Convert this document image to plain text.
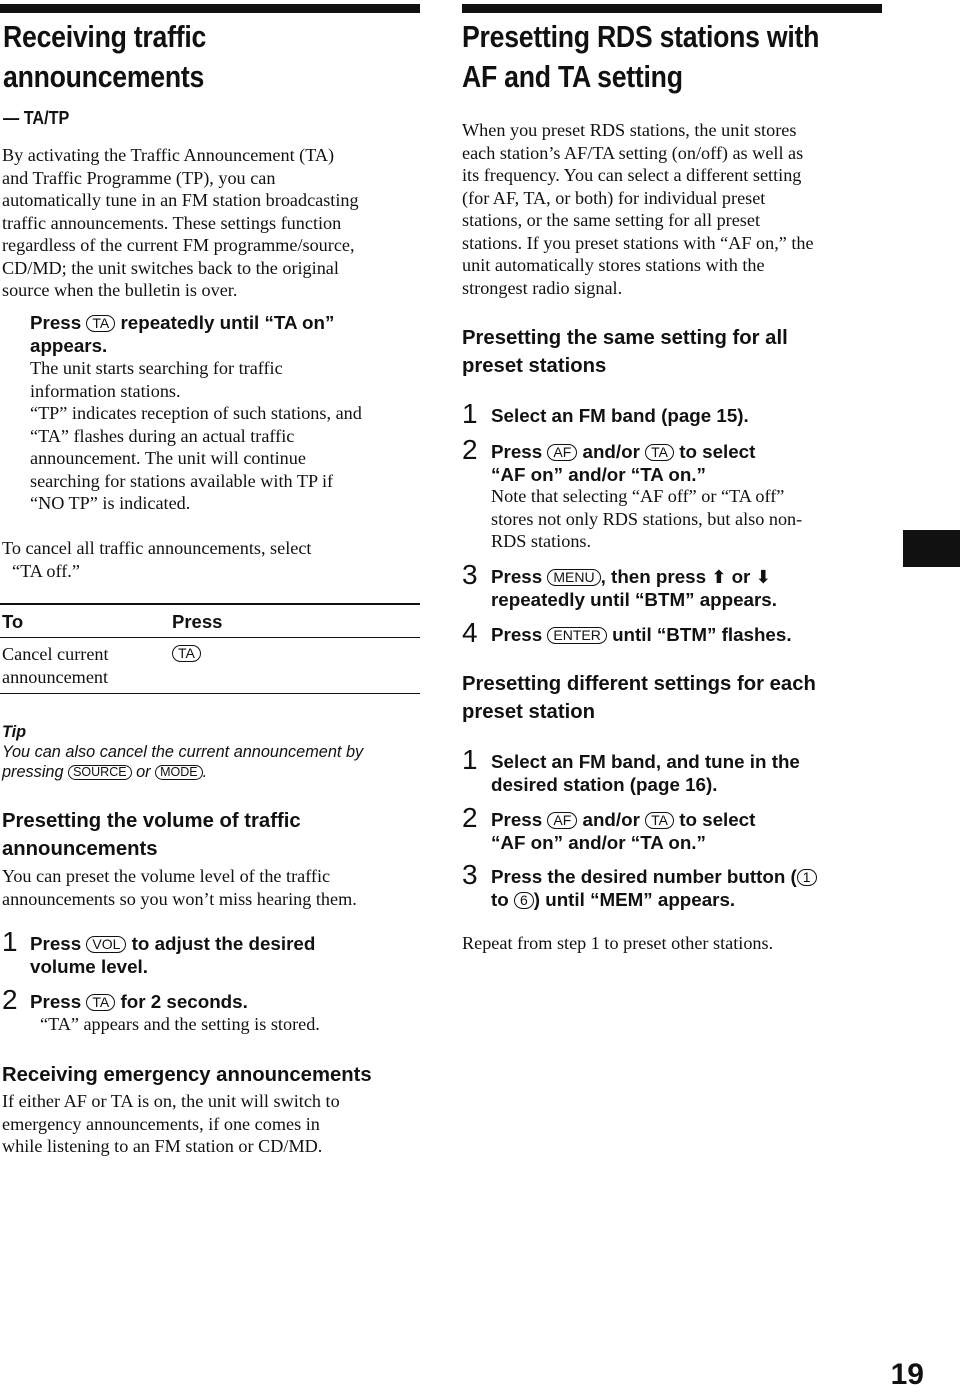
Receiving traffic
announcements
— TA/TP
By activating the Traffic Announcement (TA)
and Traffic Programme (TP), you can
automatically tune in an FM station broadcasting
traffic announcements. These settings function
regardless of the current FM programme/source,
CD/MD; the unit switches back to the original
source when the bulletin is over.
Press TA repeatedly until “TA on”
appears.
The unit starts searching for traffic
information stations.
“TP” indicates reception of such stations, and
“TA” flashes during an actual traffic
announcement. The unit will continue
searching for stations available with TP if
“NO TP” is indicated.
To cancel all traffic announcements, select
“TA off.”
To	Press
Cancel current
announcement
TA
Tip
You can also cancel the current announcement by
pressing SOURCE or MODE .
Presetting the volume of traffic
announcements
You can preset the volume level of the traffic
announcements so you won’t miss hearing them.
1 Press VOL to adjust the desired
volume level.
2 Press TA for 2 seconds.
“TA” appears and the setting is stored.
Receiving emergency announcements
If either AF or TA is on, the unit will switch to
emergency announcements, if one comes in
while listening to an FM station or CD/MD.
Presetting RDS stations with
AF and TA setting
When you preset RDS stations, the unit stores
each station’s AF/TA setting (on/off) as well as
its frequency. You can select a different setting
(for AF, TA, or both) for individual preset
stations, or the same setting for all preset
stations. If you preset stations with “AF on,” the
unit automatically stores stations with the
strongest radio signal.
Presetting the same setting for all
preset stations
1 Select an FM band (page 15).
2 Press AF and/or TA to select
“AF on” and/or “TA on.”
Note that selecting “AF off” or “TA off”
stores not only RDS stations, but also non-
RDS stations.
3 Press MENU , then press ⬆ or ⬇
repeatedly until “BTM” appears.
4 Press ENTER until “BTM” flashes.
Presetting different settings for each
preset station
1 Select an FM band, and tune in the
desired station (page 16).
2 Press AF and/or TA to select
“AF on” and/or “TA on.”
3 Press the desired number button ( 1
to 6 ) until “MEM” appears.
Repeat from step 1 to preset other stations.
19
